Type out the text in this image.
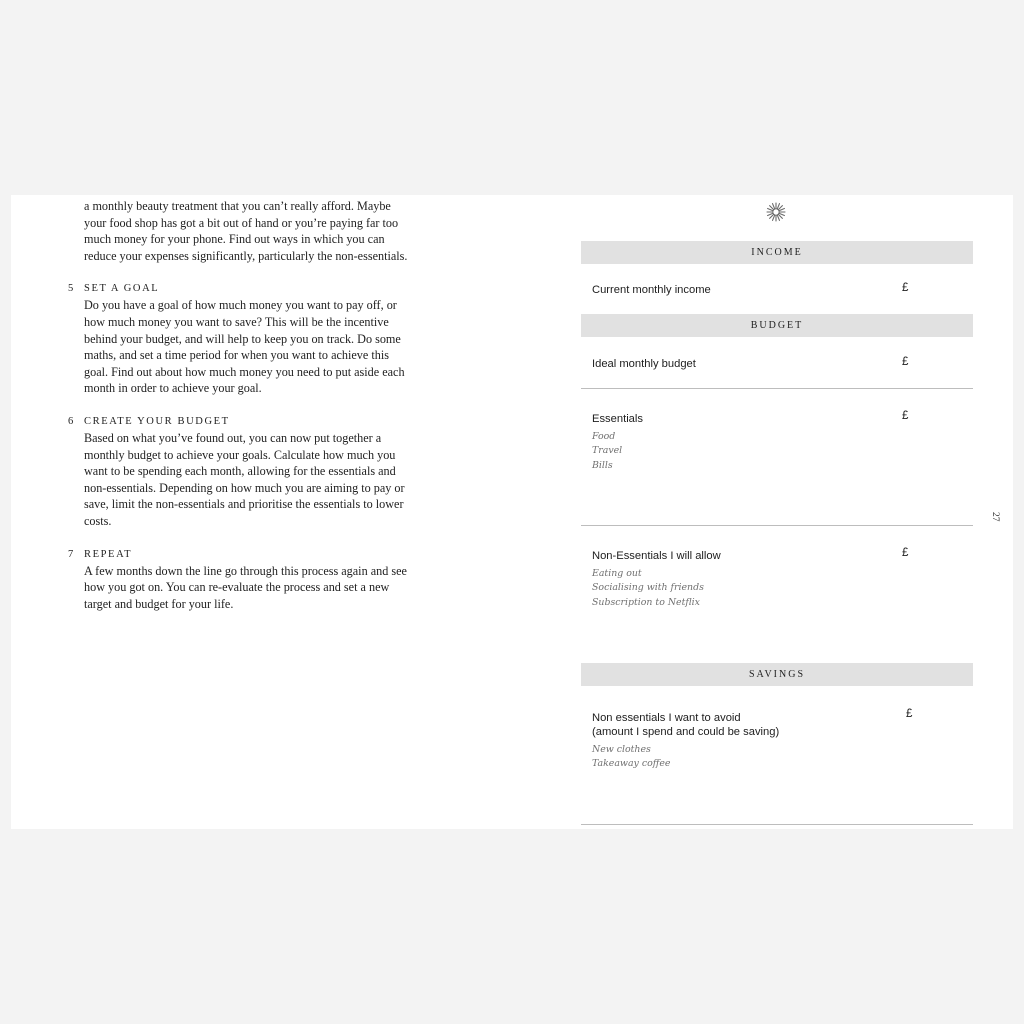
a monthly beauty treatment that you can’t really afford. Maybe your food shop has got a bit out of hand or you’re paying far too much money for your phone. Find out ways in which you can reduce your expenses significantly, particularly the non-essentials.

5 SET A GOAL

Do you have a goal of how much money you want to pay off, or how much money you want to save? This will be the incentive behind your budget, and will help to keep you on track. Do some maths, and set a time period for when you want to achieve this goal. Find out about how much money you need to put aside each month in order to achieve your goal.

6 CREATE YOUR BUDGET

Based on what you’ve found out, you can now put together a monthly budget to achieve your goals. Calculate how much you want to be spending each month, allowing for the essentials and non-essentials. Depending on how much you are aiming to pay or save, limit the non-essentials and prioritise the essentials to lower costs.

7 REPEAT

A few months down the line go through this process again and see how you got on. You can re-evaluate the process and set a new target and budget for your life.

INCOME
Current monthly income	£
BUDGET
Ideal monthly budget	£
Essentials	£
Food
Travel
Bills
Non-Essentials I will allow	£
Eating out
Socialising with friends
Subscription to Netflix
SAVINGS
Non essentials I want to avoid
(amount I spend and could be saving)
£
New clothes
Takeaway coffee
27
